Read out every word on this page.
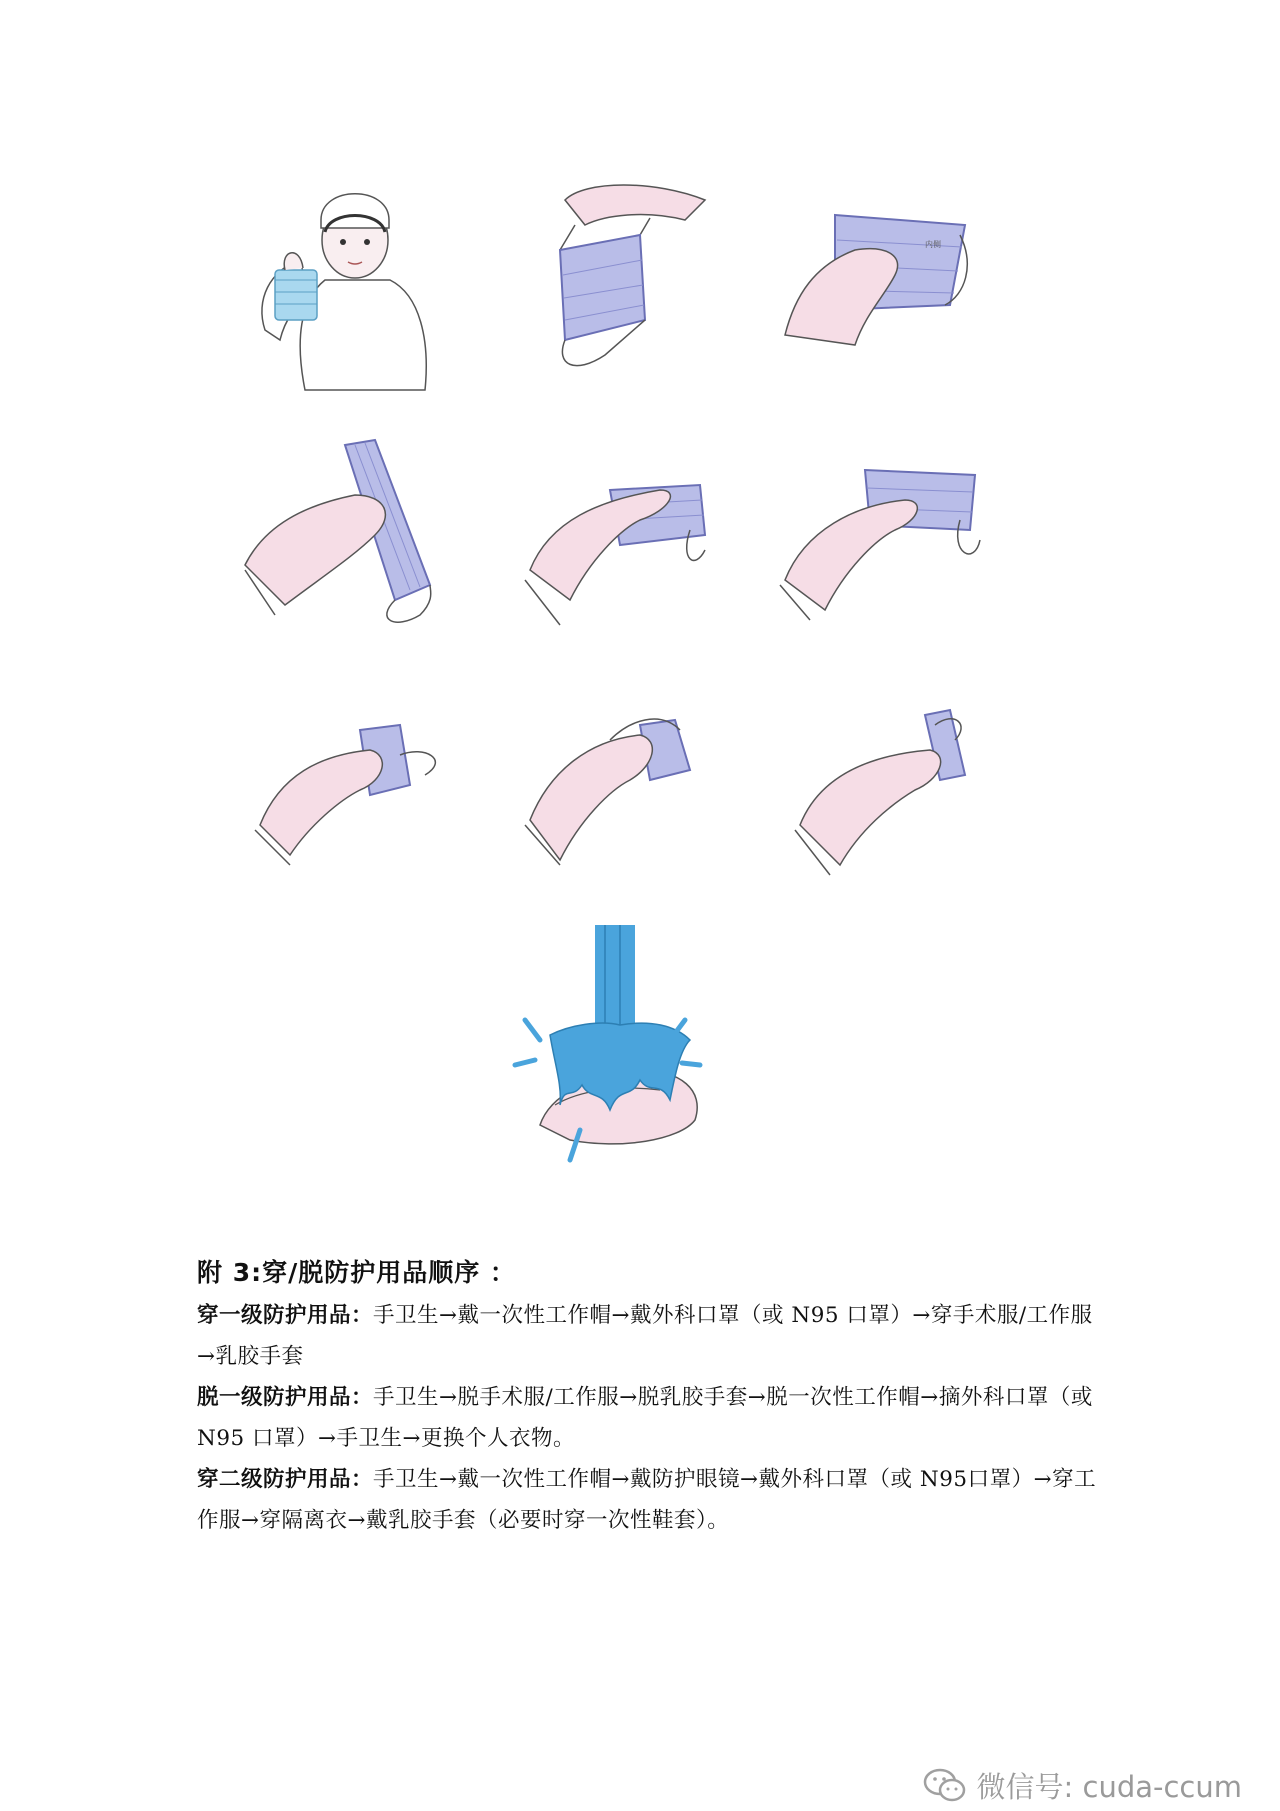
内侧
附 3:穿/脱防护用品顺序 ：

穿一级防护用品：手卫生→戴一次性工作帽→戴外科口罩（或 N95 口罩）→穿手术服/工作服→乳胶手套

脱一级防护用品：手卫生→脱手术服/工作服→脱乳胶手套→脱一次性工作帽→摘外科口罩（或 N95 口罩）→手卫生→更换个人衣物。

穿二级防护用品：手卫生→戴一次性工作帽→戴防护眼镜→戴外科口罩（或 N95口罩）→穿工作服→穿隔离衣→戴乳胶手套（必要时穿一次性鞋套）。

微信号: cuda-ccum
